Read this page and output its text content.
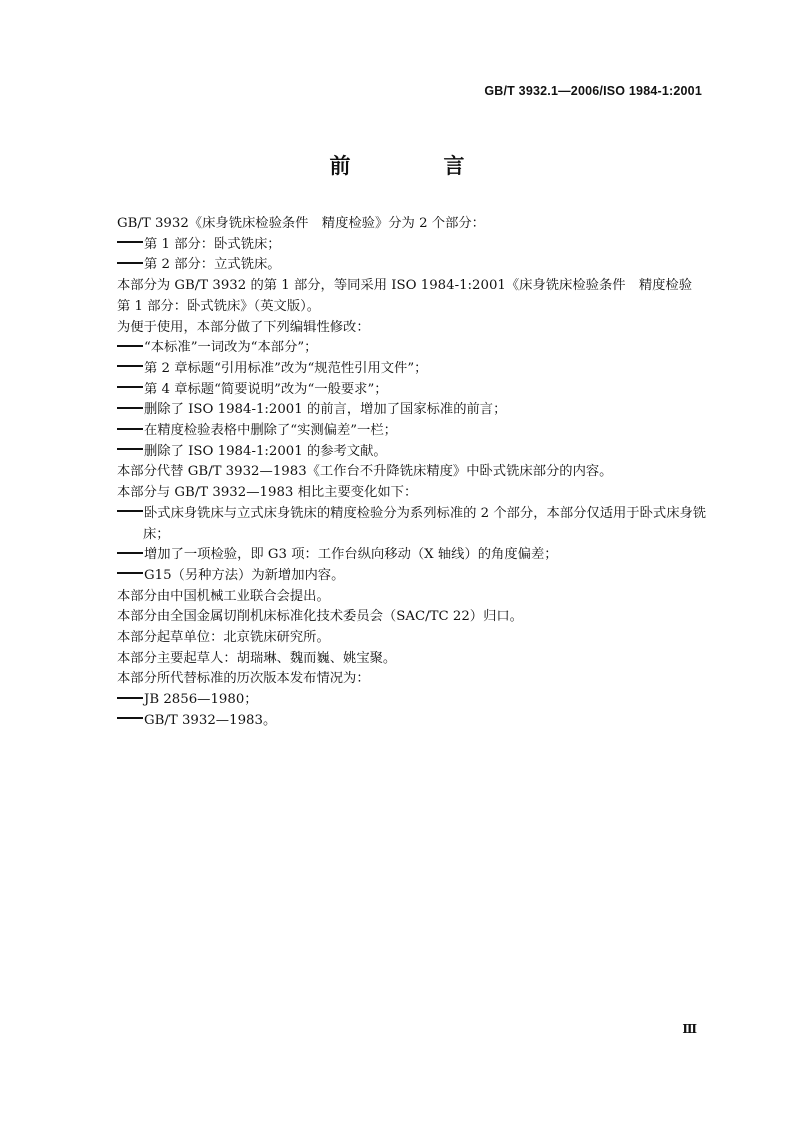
GB/T 3932.1—2006/ISO 1984-1:2001
前　言
GB/T 3932《床身铣床检验条件　精度检验》分为 2 个部分：
第 1 部分：卧式铣床；
第 2 部分：立式铣床。
本部分为 GB/T 3932 的第 1 部分，等同采用 ISO 1984-1:2001《床身铣床检验条件　精度检验　第 1 部分：卧式铣床》（英文版）。
为便于使用，本部分做了下列编辑性修改：
“本标准”一词改为“本部分”；
第 2 章标题“引用标准”改为“规范性引用文件”；
第 4 章标题“简要说明”改为“一般要求”；
删除了 ISO 1984-1:2001 的前言，增加了国家标准的前言；
在精度检验表格中删除了“实测偏差”一栏；
删除了 ISO 1984-1:2001 的参考文献。
本部分代替 GB/T 3932—1983《工作台不升降铣床精度》中卧式铣床部分的内容。
本部分与 GB/T 3932—1983 相比主要变化如下：
卧式床身铣床与立式床身铣床的精度检验分为系列标准的 2 个部分，本部分仅适用于卧式床身铣床；
增加了一项检验，即 G3 项：工作台纵向移动（X 轴线）的角度偏差；
G15（另种方法）为新增加内容。
本部分由中国机械工业联合会提出。
本部分由全国金属切削机床标准化技术委员会（SAC/TC 22）归口。
本部分起草单位：北京铣床研究所。
本部分主要起草人：胡瑞琳、魏而巍、姚宝聚。
本部分所代替标准的历次版本发布情况为：
JB 2856—1980；
GB/T 3932—1983。
Ⅲ
